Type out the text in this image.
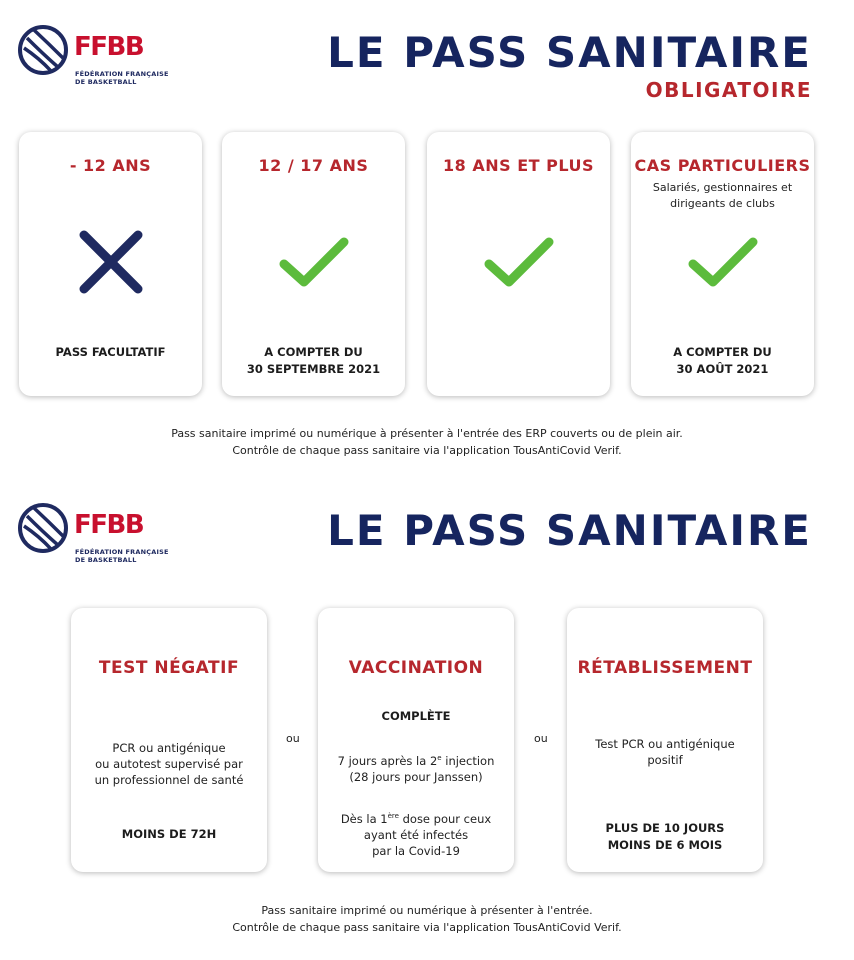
FFBB
FÉDÉRATION FRANÇAISE
DE BASKETBALL
LE PASS SANITAIRE
OBLIGATOIRE
- 12 ANS
PASS FACULTATIF
12 / 17 ANS
A COMPTER DU
30 SEPTEMBRE 2021
18 ANS ET PLUS	CAS PARTICULIERS
Salariés, gestionnaires et
dirigeants de clubs
A COMPTER DU
30 AOÛT 2021
Pass sanitaire imprimé ou numérique à présenter à l'entrée des ERP couverts ou de plein air.
Contrôle de chaque pass sanitaire via l'application TousAntiCovid Verif.
FFBB
FÉDÉRATION FRANÇAISE
DE BASKETBALL
LE PASS SANITAIRE
TEST NÉGATIF
PCR ou antigénique
ou autotest supervisé par
un professionnel de santé
MOINS DE 72H
ou
VACCINATION
COMPLÈTE
7 jours après la 2e injection
(28 jours pour Janssen)
Dès la 1ère dose pour ceux
ayant été infectés
par la Covid-19
ou
RÉTABLISSEMENT
Test PCR ou antigénique
positif
PLUS DE 10 JOURS
MOINS DE 6 MOIS
Pass sanitaire imprimé ou numérique à présenter à l'entrée.
Contrôle de chaque pass sanitaire via l'application TousAntiCovid Verif.
